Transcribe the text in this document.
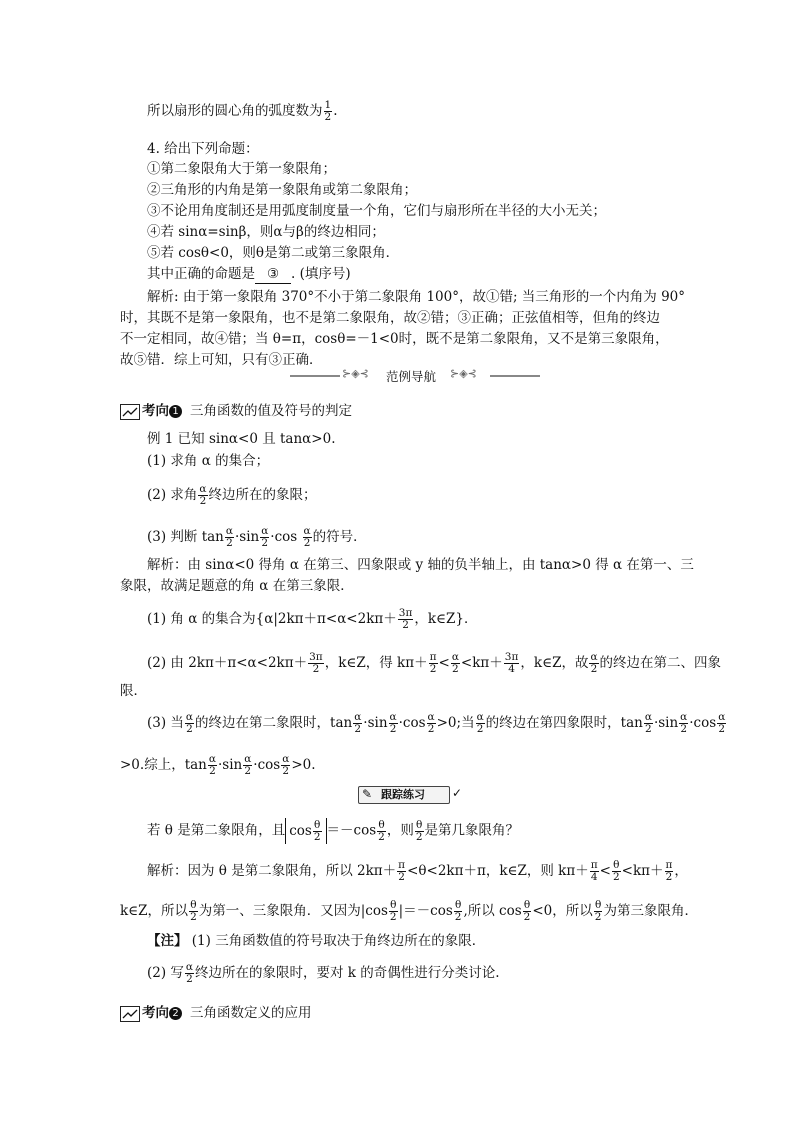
所以扇形的圆心角的弧度数为 $\frac{1}{2}$ .
4. 给出下列命题：
①第二象限角大于第一象限角；
②三角形的内角是第一象限角或第二象限角；
③不论用角度制还是用弧度制度量一个角，它们与扇形所在半径的大小无关；
④若 sinα=sinβ，则α与β的终边相同；
⑤若 cosθ<0，则θ是第二或第三象限角．
其中正确的命题是 ③ . (填序号)
解析: 由于第一象限角 370°不小于第二象限角 100°，故①错; 当三角形的一个内角为 90°
时，其既不是第一象限角，也不是第二象限角，故②错；③正确；正弦值相等，但角的终边
不一定相同，故④错；当 θ=π，cosθ=－1<0时，既不是第二象限角，又不是第三象限角，
故⑤错．综上可知，只有③正确．
⊱◈⊰ 范例导航 ⊱◈⊰
考向 1 三角函数的值及符号的判定
例 1 已知 sinα<0 且 tanα>0.
(1) 求角 α 的集合；
(2) 求角 $\frac{\alpha}{2}$ 终边所在的象限；
(3) 判断 $\tan \frac{\alpha}{2} \cdot\sin \frac{\alpha}{2} \cdot\cos \frac{\alpha}{2}$ 的符号．
解析：由 sinα<0 得角 α 在第三、四象限或 y 轴的负半轴上，由 tanα>0 得 α 在第一、三
象限，故满足题意的角 α 在第三象限．
(1) 角 α 的集合为{$\alpha|2k\pi+\pi<\alpha<2k\pi+ \frac{3\pi}{2}$ ，k∈Z}．
(2) 由 $2k\pi+\pi<\alpha<2k\pi+ \frac{3\pi}{2}$ ，k∈Z，得 $k\pi+ \frac{\pi}{2} < \frac{\alpha}{2} <k\pi+ \frac{3\pi}{4}$ ，k∈Z，故 $\frac{\alpha}{2}$ 的终边在第二、四象
限．
(3) 当 $\frac{\alpha}{2}$ 的终边在第二象限时，$\tan \frac{\alpha}{2} \cdot\sin \frac{\alpha}{2} \cdot\cos \frac{\alpha}{2} >0$;当 $\frac{\alpha}{2}$ 的终边在第四象限时，$\tan \frac{\alpha}{2} \cdot\sin \frac{\alpha}{2} \cdot\cos \frac{\alpha}{2}$
>0.综上，$\tan \frac{\alpha}{2} \cdot\sin \frac{\alpha}{2} \cdot\cos \frac{\alpha}{2} >0$.
跟踪练习
✎	✓
若 θ 是第二象限角，且 $\cos \frac{\theta}{2} =-\cos \frac{\theta}{2}$ ，则 $\frac{\theta}{2}$ 是第几象限角？
解析：因为 θ 是第二象限角，所以 $2k\pi+ \frac{\pi}{2} <\theta<2k\pi+\pi$，k∈Z，则 $k\pi+ \frac{\pi}{4} < \frac{\theta}{2} <k\pi+ \frac{\pi}{2}$ ，
k∈Z，所以 $\frac{\theta}{2}$ 为第一、三象限角．又因为$|\cos \frac{\theta}{2} |=-\cos \frac{\theta}{2}$ ,所以 $\cos \frac{\theta}{2} <0$，所以 $\frac{\theta}{2}$ 为第三象限角．
【注】 (1) 三角函数值的符号取决于角终边所在的象限．
(2) 写 $\frac{\alpha}{2}$ 终边所在的象限时，要对 k 的奇偶性进行分类讨论.
考向 2 三角函数定义的应用
